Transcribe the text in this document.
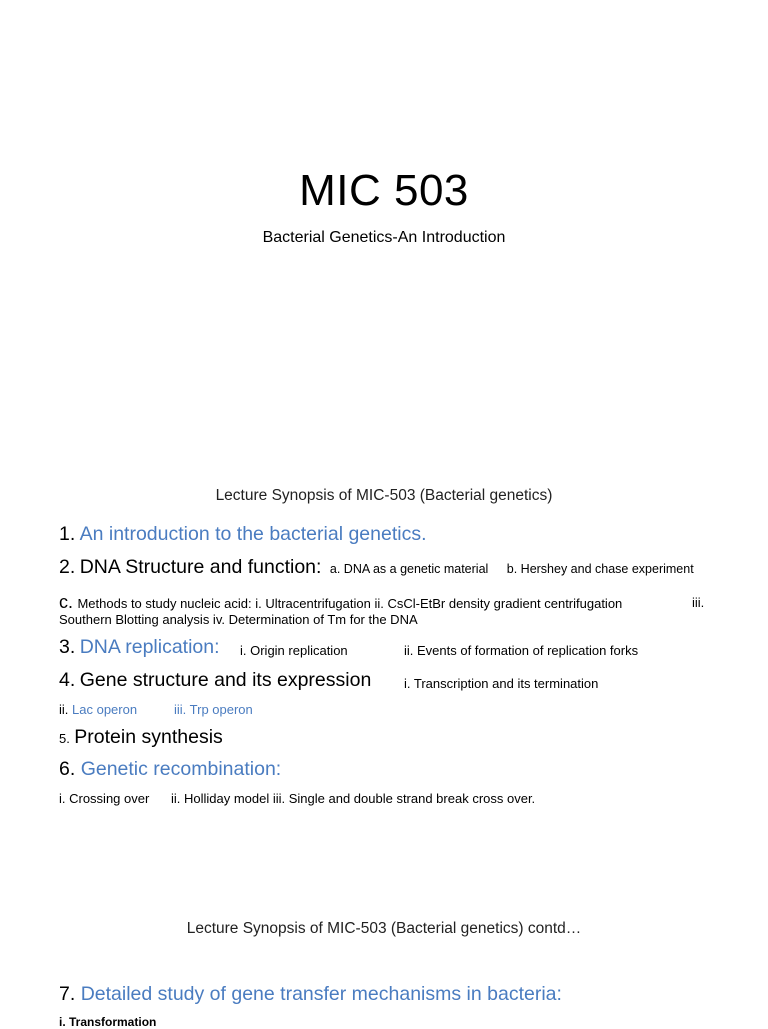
MIC 503
Bacterial Genetics-An Introduction
Lecture Synopsis of MIC-503 (Bacterial genetics)
1. An introduction to the bacterial genetics.
2. DNA Structure and function: a. DNA as a genetic material b. Hershey and chase experiment
c. Methods to study nucleic acid: i. Ultracentrifugation ii. CsCl-EtBr density gradient centrifugation	iii.
Southern Blotting analysis iv. Determination of Tm for the DNA
3. DNA replication: i. Origin replication	ii. Events of formation of replication forks
4. Gene structure and its expression	i. Transcription and its termination
ii. Lac operon	iii. Trp operon
5. Protein synthesis
6. Genetic recombination:
i. Crossing over      ii. Holliday model iii. Single and double strand break cross over.
Lecture Synopsis of MIC-503 (Bacterial genetics) contd…
7. Detailed study of gene transfer mechanisms in bacteria:
i. Transformation
